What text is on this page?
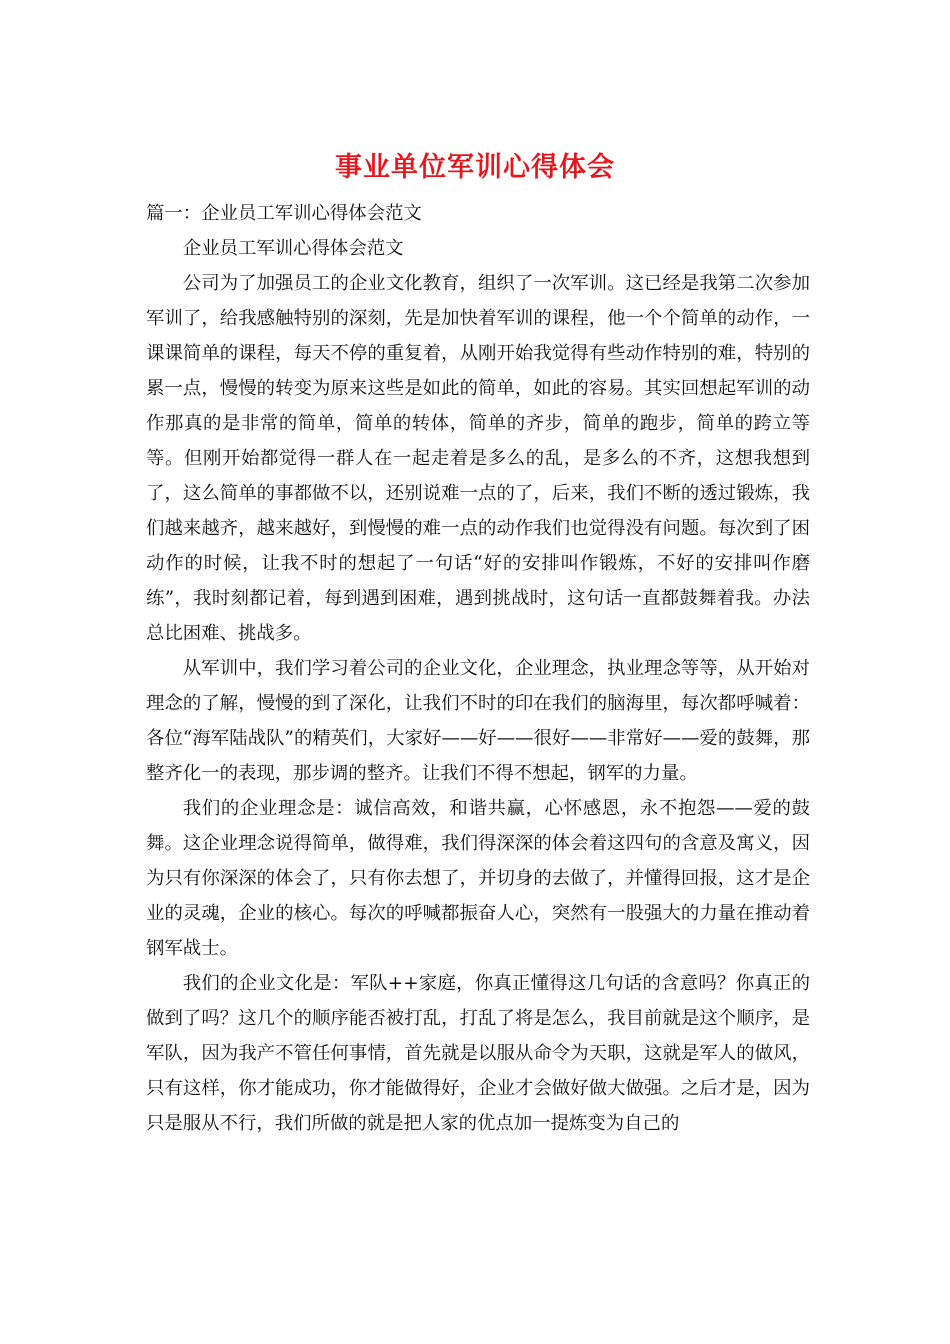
事业单位军训心得体会

篇一：企业员工军训心得体会范文

企业员工军训心得体会范文

公司为了加强员工的企业文化教育，组织了一次军训。这已经是我第二次参加军训了，给我感触特别的深刻，先是加快着军训的课程，他一个个简单的动作，一课课简单的课程，每天不停的重复着，从刚开始我觉得有些动作特别的难，特别的累一点，慢慢的转变为原来这些是如此的简单，如此的容易。其实回想起军训的动作那真的是非常的简单，简单的转体，简单的齐步，简单的跑步，简单的跨立等等。但刚开始都觉得一群人在一起走着是多么的乱，是多么的不齐，这想我想到了，这么简单的事都做不以，还别说难一点的了，后来，我们不断的透过锻炼，我们越来越齐，越来越好，到慢慢的难一点的动作我们也觉得没有问题。每次到了困动作的时候，让我不时的想起了一句话“好的安排叫作锻炼，不好的安排叫作磨练”，我时刻都记着，每到遇到困难，遇到挑战时，这句话一直都鼓舞着我。办法总比困难、挑战多。

从军训中，我们学习着公司的企业文化，企业理念，执业理念等等，从开始对理念的了解，慢慢的到了深化，让我们不时的印在我们的脑海里，每次都呼喊着：各位“海军陆战队”的精英们，大家好——好——很好——非常好——爱的鼓舞，那整齐化一的表现，那步调的整齐。让我们不得不想起，钢军的力量。

我们的企业理念是：诚信高效，和谐共赢，心怀感恩，永不抱怨——爱的鼓舞。这企业理念说得简单，做得难，我们得深深的体会着这四句的含意及寓义，因为只有你深深的体会了，只有你去想了，并切身的去做了，并懂得回报，这才是企业的灵魂，企业的核心。每次的呼喊都振奋人心，突然有一股强大的力量在推动着钢军战士。

我们的企业文化是：军队++家庭，你真正懂得这几句话的含意吗？你真正的做到了吗？这几个的顺序能否被打乱，打乱了将是怎么，我目前就是这个顺序，是军队，因为我产不管任何事情，首先就是以服从命令为天职，这就是军人的做风，只有这样，你才能成功，你才能做得好，企业才会做好做大做强。之后才是，因为只是服从不行，我们所做的就是把人家的优点加一提炼变为自己的
